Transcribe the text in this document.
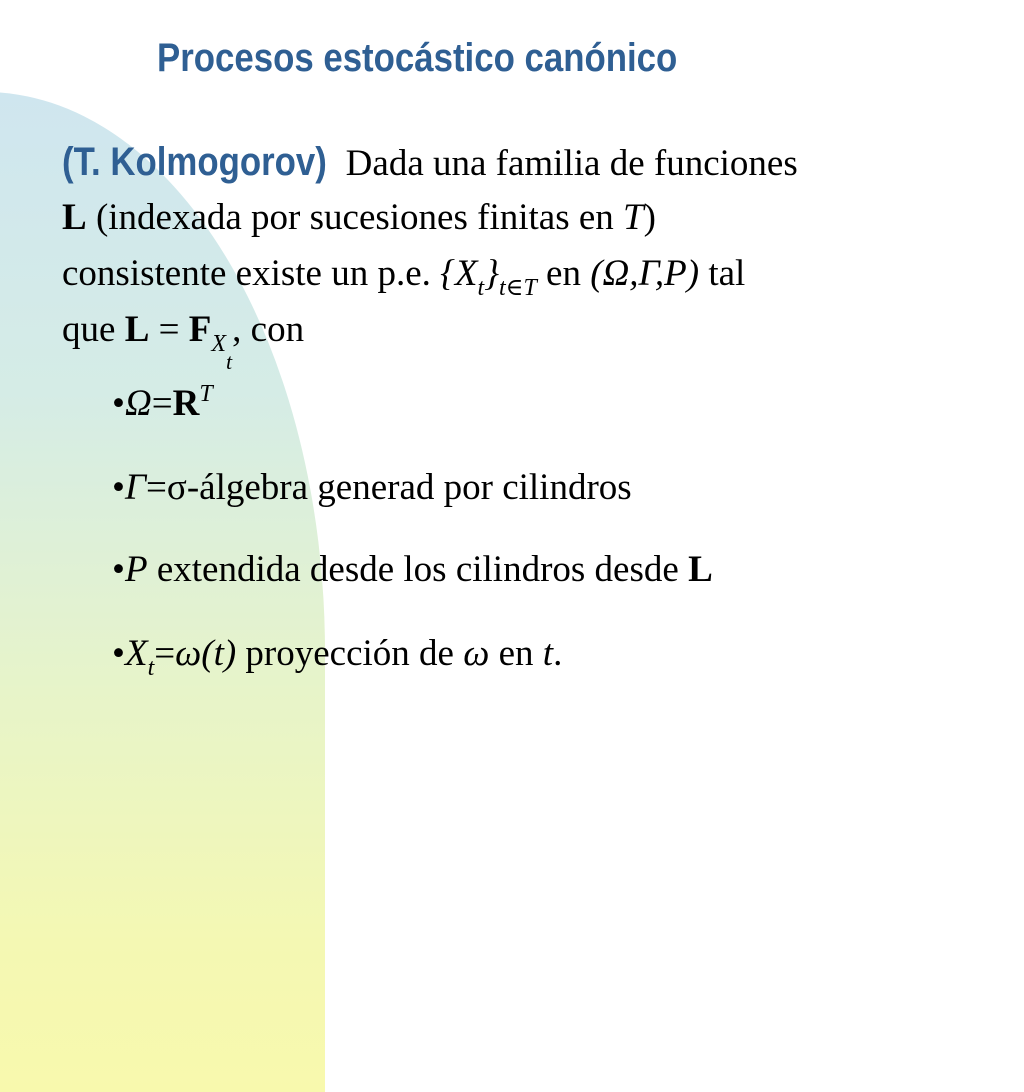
Procesos estocástico canónico
(T. Kolmogorov) Dada una familia de funciones
L (indexada por sucesiones finitas en T)
consistente existe un p.e. $\{X_t\}_{t\in T}$ en (Ω,Γ,P) tal
que $L = F_{Xt}$, con
$•\Omega=R^T$
•Γ=σ-álgebra generad por cilindros
•P extendida desde los cilindros desde L
$•X_t=\omega(t)$ proyección de ω en t.
